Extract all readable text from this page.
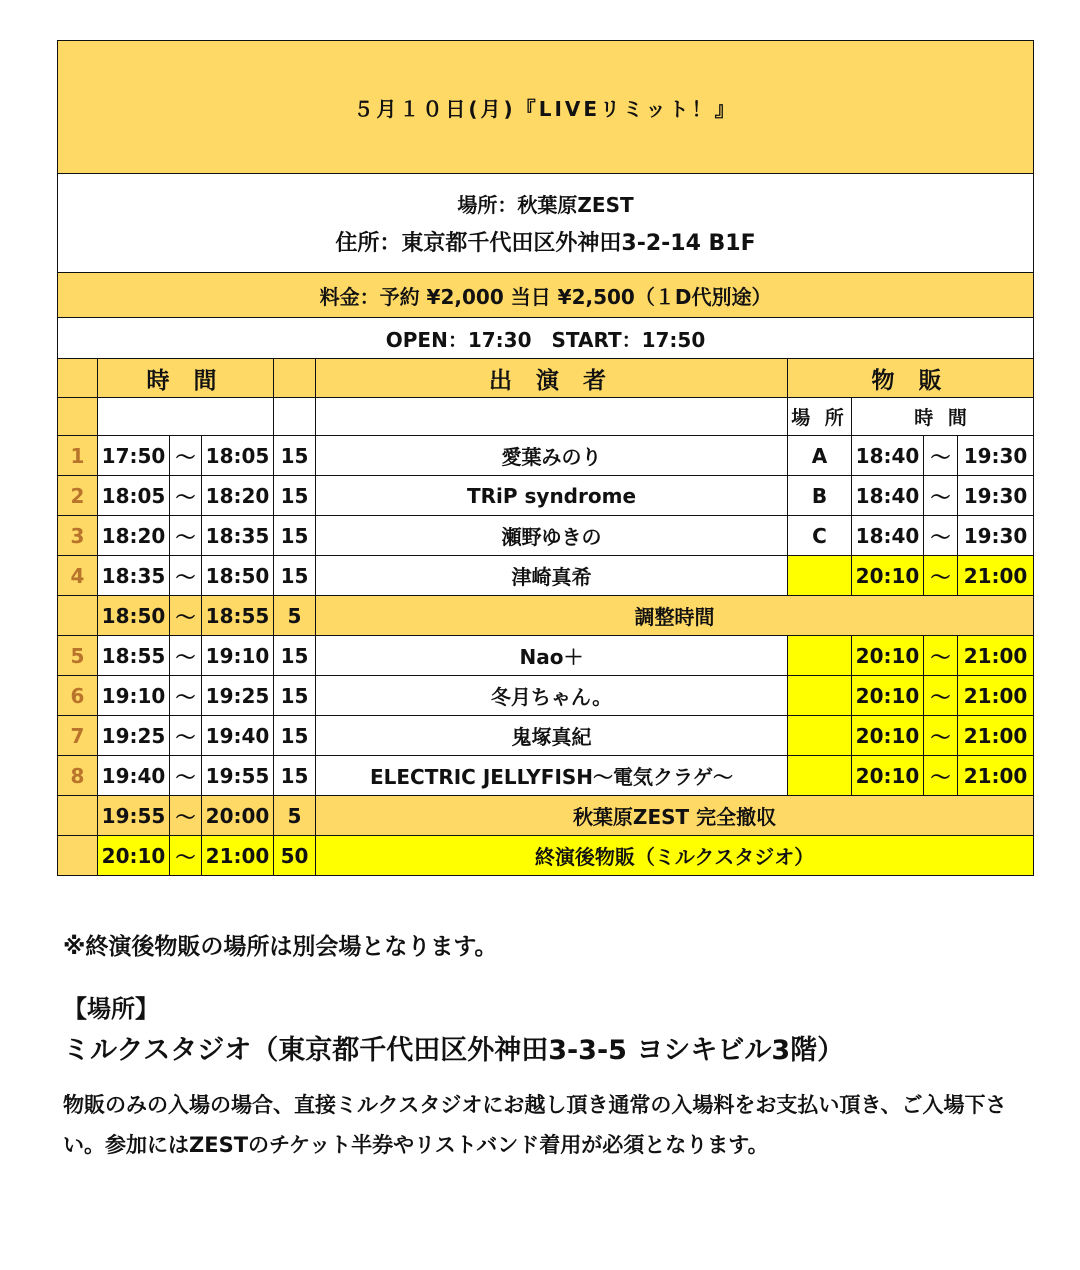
５月１０日(月)『LIVEリミット！』									

場所：秋葉原ZEST
住所：東京都千代田区外神田3-2-14 B1F									

料金：予約 ¥2,000 当日 ¥2,500（１D代別途）									
OPEN：17:30　START：17:50									
	時 間				出 演 者	物 販			
						場 所	時 間		
1	17:50	～	18:05	15	愛葉みのり	A	18:40	～	19:30
2	18:05	～	18:20	15	TRiP syndrome	B	18:40	～	19:30
3	18:20	～	18:35	15	瀬野ゆきの	C	18:40	～	19:30
4	18:35	～	18:50	15	津崎真希		20:10	～	21:00
	18:50	～	18:55	5	調整時間				
5	18:55	～	19:10	15	Nao＋		20:10	～	21:00
6	19:10	～	19:25	15	冬月ちゃん。		20:10	～	21:00
7	19:25	～	19:40	15	鬼塚真紀		20:10	～	21:00
8	19:40	～	19:55	15	ELECTRIC JELLYFISH～電気クラゲ～		20:10	～	21:00
	19:55	～	20:00	5	秋葉原ZEST 完全撤収				
	20:10	～	21:00	50	終演後物販（ミルクスタジオ）				

※終演後物販の場所は別会場となります。

【場所】

ミルクスタジオ（東京都千代田区外神田3-3-5 ヨシキビル3階）

物販のみの入場の場合、直接ミルクスタジオにお越し頂き通常の入場料をお支払い頂き、ご入場下さい。参加にはZESTのチケット半券やリストバンド着用が必須となります。
